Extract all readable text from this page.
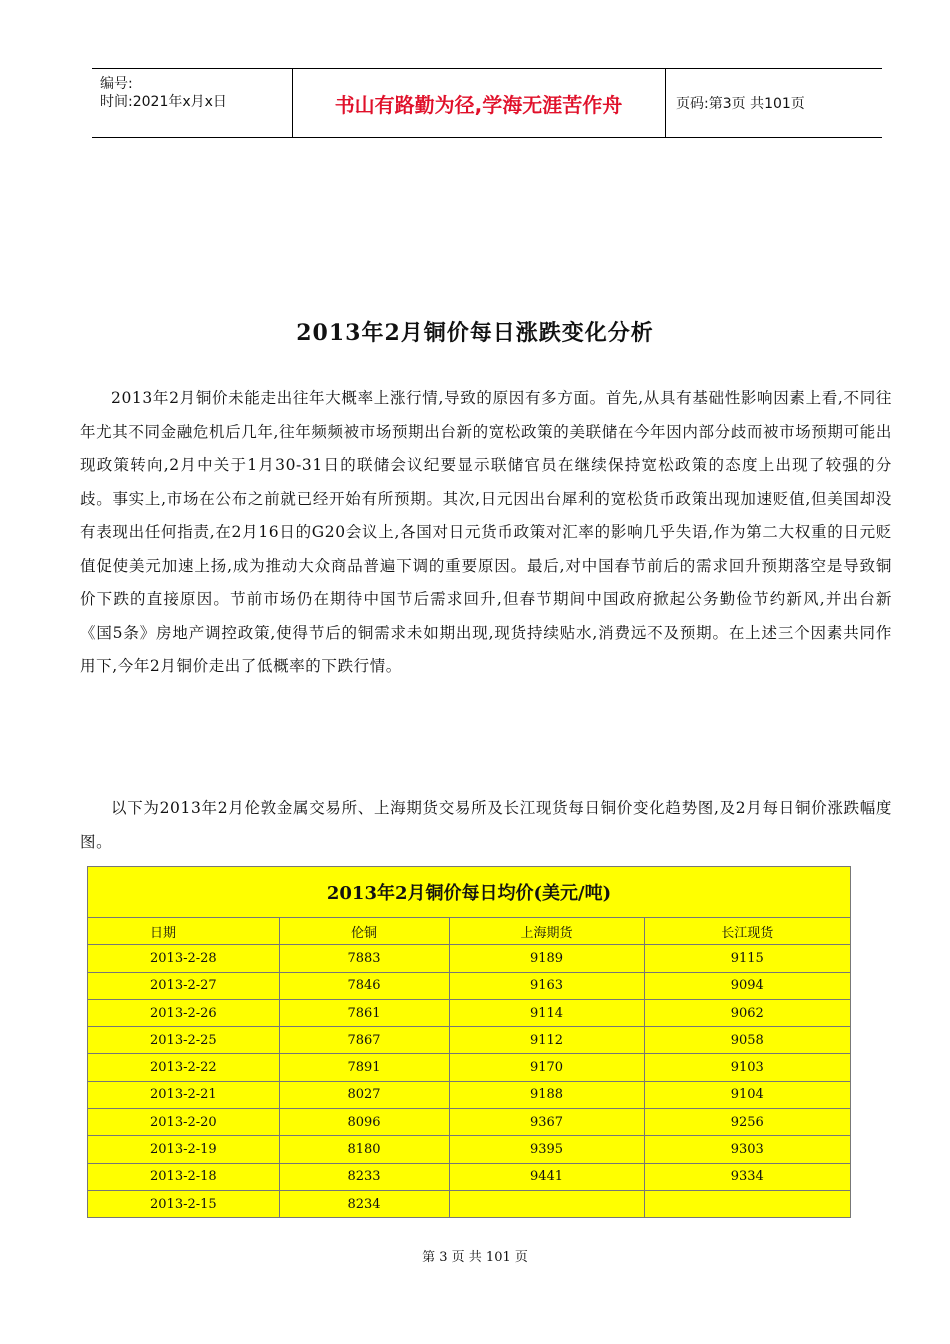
编号:
时间:2021年x月x日	书山有路勤为径,学海无涯苦作舟	页码:第3页 共101页
2013年2月铜价每日涨跌变化分析

2013年2月铜价未能走出往年大概率上涨行情,导致的原因有多方面。首先,从具有基础性影响因素上看,不同往年尤其不同金融危机后几年,往年频频被市场预期出台新的宽松政策的美联储在今年因内部分歧而被市场预期可能出现政策转向,2月中关于1月30-31日的联储会议纪要显示联储官员在继续保持宽松政策的态度上出现了较强的分歧。事实上,市场在公布之前就已经开始有所预期。其次,日元因出台犀利的宽松货币政策出现加速贬值,但美国却没有表现出任何指责,在2月16日的G20会议上,各国对日元货币政策对汇率的影响几乎失语,作为第二大权重的日元贬值促使美元加速上扬,成为推动大众商品普遍下调的重要原因。最后,对中国春节前后的需求回升预期落空是导致铜价下跌的直接原因。节前市场仍在期待中国节后需求回升,但春节期间中国政府掀起公务勤俭节约新风,并出台新《国5条》房地产调控政策,使得节后的铜需求未如期出现,现货持续贴水,消费远不及预期。在上述三个因素共同作用下,今年2月铜价走出了低概率的下跌行情。

以下为2013年2月伦敦金属交易所、上海期货交易所及长江现货每日铜价变化趋势图,及2月每日铜价涨跌幅度图。

2013年2月铜价每日均价(美元/吨)
日期	伦铜	上海期货	长江现货
2013-2-28	7883	9189	9115
2013-2-27	7846	9163	9094
2013-2-26	7861	9114	9062
2013-2-25	7867	9112	9058
2013-2-22	7891	9170	9103
2013-2-21	8027	9188	9104
2013-2-20	8096	9367	9256
2013-2-19	8180	9395	9303
2013-2-18	8233	9441	9334
2013-2-15	8234		
第 3 页 共 101 页
